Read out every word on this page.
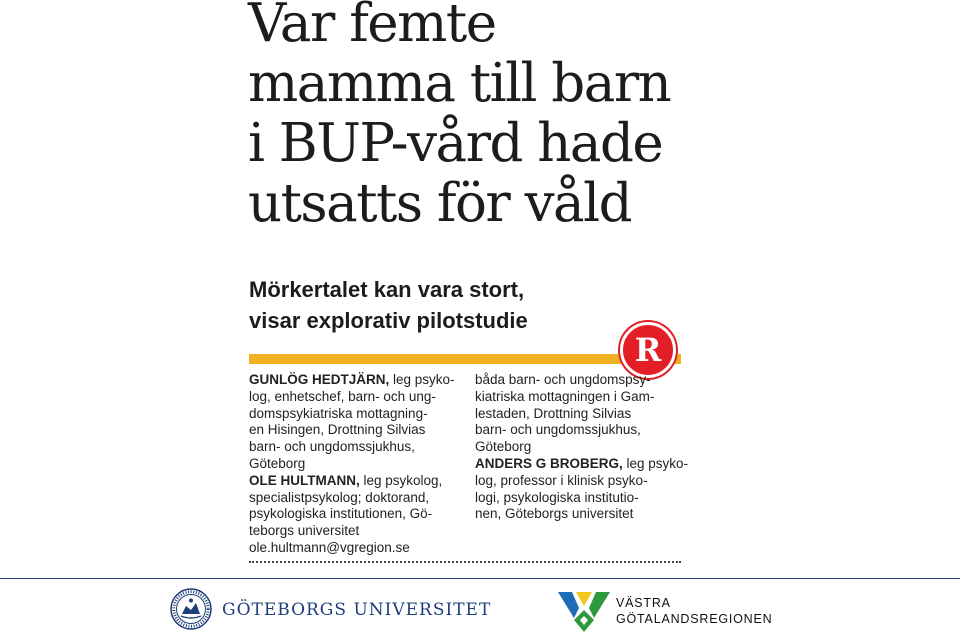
Var femte
mamma till barn
i BUP-vård hade
utsatts för våld
Mörkertalet kan vara stort,
visar explorativ pilotstudie
R
GUNLÖG HEDTJÄRN, leg psyko-
log, enhetschef, barn- och ung-
domspsykiatriska mottagning-
en Hisingen, Drottning Silvias
barn- och ungdomssjukhus,
Göteborg
OLE HULTMANN, leg psykolog,
specialistpsykolog; doktorand,
psykologiska institutionen, Gö-
teborgs universitet
ole.hultmann@vgregion.se
båda barn- och ungdomspsy-
kiatriska mottagningen i Gam-
lestaden, Drottning Silvias
barn- och ungdomssjukhus,
Göteborg
ANDERS G BROBERG, leg psyko-
log, professor i klinisk psyko-
logi, psykologiska institutio-
nen, Göteborgs universitet
GÖTEBORGS UNIVERSITET	VÄSTRA
GÖTALANDSREGIONEN
